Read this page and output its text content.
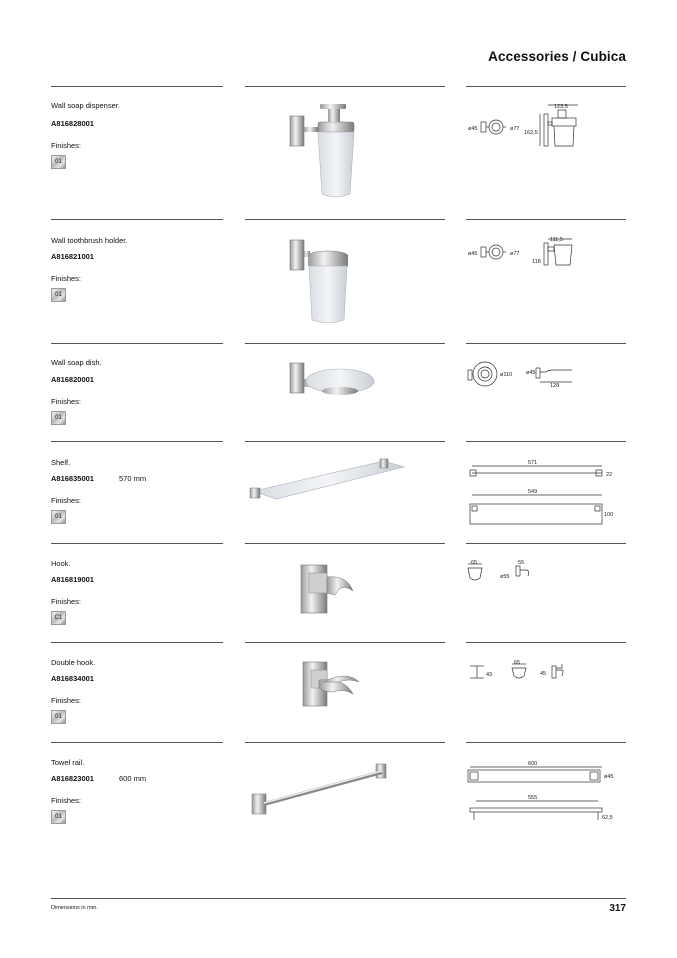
Accessories / Cubica
Wall soap dispenser.
A816828001
Finishes:
01
123,5
ø45	ø77
162,5
Wall toothbrush holder.
A816821001
Finishes:
01
111,5
ø45	ø77
118
Wall soap dish.
A816820001
Finishes:
01
ø110	ø45
128
Shelf.
A816835001	570 mm
Finishes:
01
571
22
549
100
Hook.
A816819001
Finishes:
C1
65	55
ø55
Double hook.
A816834001
Finishes:
01
43
65
45
Towel rail.
A816823001	600 mm
Finishes:
01
600
ø45
555
62,5
Dimensions in mm.	317
